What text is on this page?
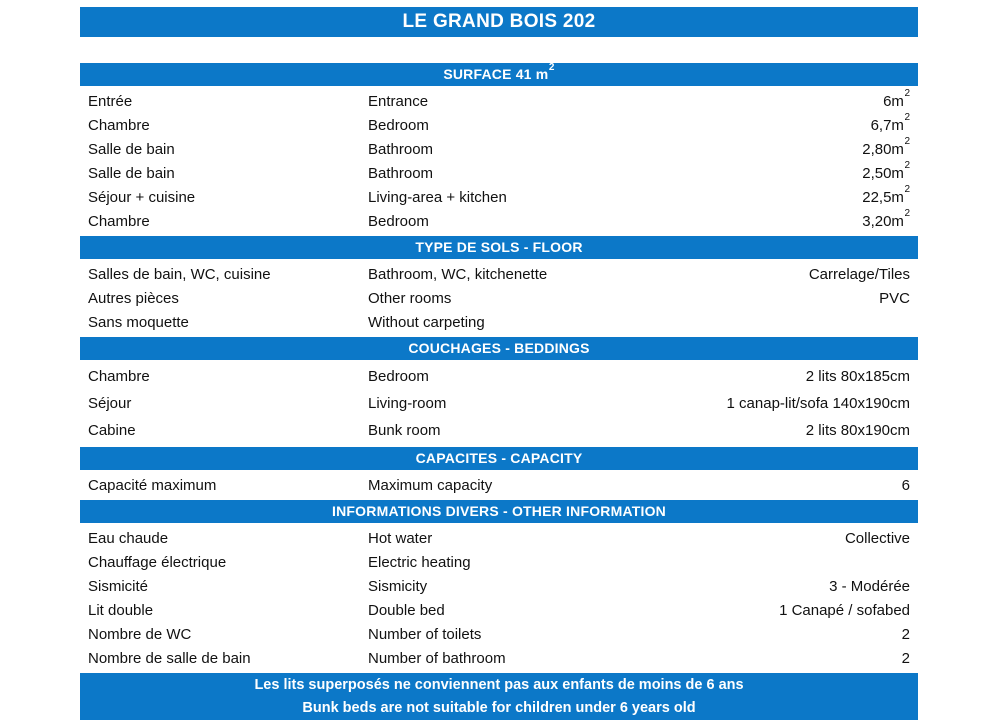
LE GRAND BOIS 202
SURFACE 41 $m^2$
Entrée	Entrance	$6m^2$
Chambre	Bedroom	$6,7m^2$
Salle de bain	Bathroom	$2,80m^2$
Salle de bain	Bathroom	$2,50m^2$
Séjour + cuisine	Living-area + kitchen	$22,5m^2$
Chambre	Bedroom	$3,20m^2$
TYPE DE SOLS - FLOOR
Salles de bain, WC, cuisine	Bathroom, WC, kitchenette	Carrelage/Tiles
Autres pièces	Other rooms	PVC
Sans moquette	Without carpeting
COUCHAGES - BEDDINGS
Chambre	Bedroom	2 lits 80x185cm
Séjour	Living-room	1 canap-lit/sofa 140x190cm
Cabine	Bunk room	2 lits 80x190cm
CAPACITES - CAPACITY
Capacité maximum	Maximum capacity	6
INFORMATIONS DIVERS - OTHER INFORMATION
Eau chaude	Hot water	Collective
Chauffage électrique	Electric heating
Sismicité	Sismicity	3 - Modérée
Lit double	Double bed	1 Canapé / sofabed
Nombre de WC	Number of toilets	2
Nombre de salle de bain	Number of bathroom	2
Les lits superposés ne conviennent pas aux enfants de moins de 6 ans
Bunk beds are not suitable for children under 6 years old
